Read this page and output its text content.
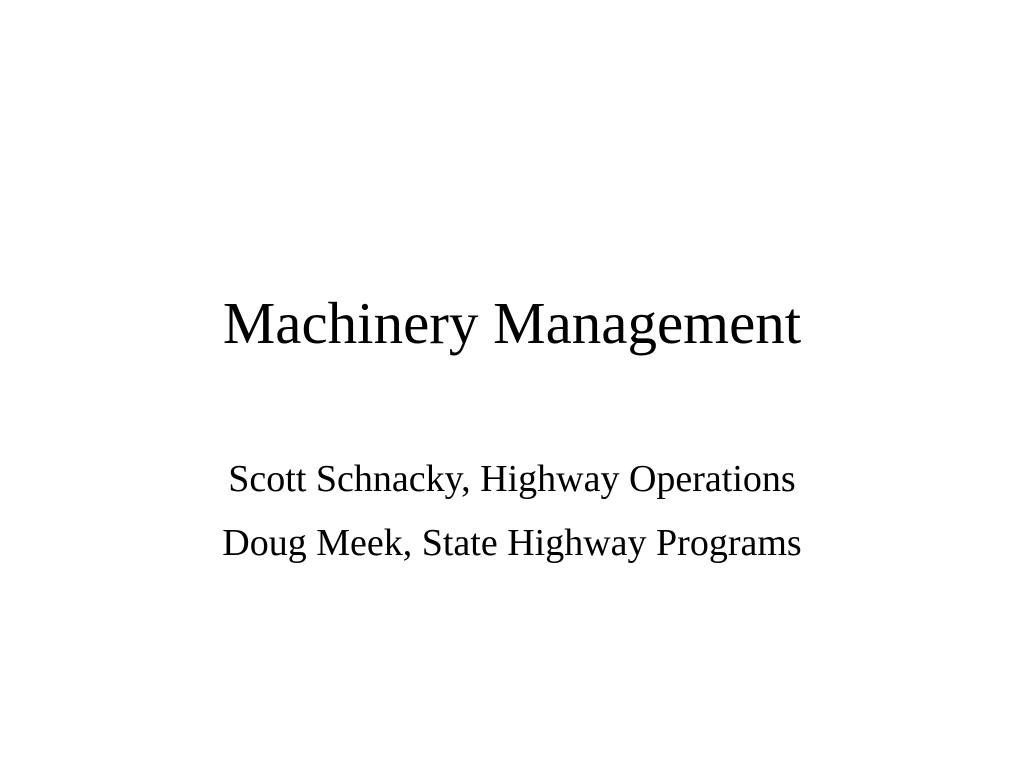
Machinery Management
Scott Schnacky, Highway Operations
Doug Meek, State Highway Programs
